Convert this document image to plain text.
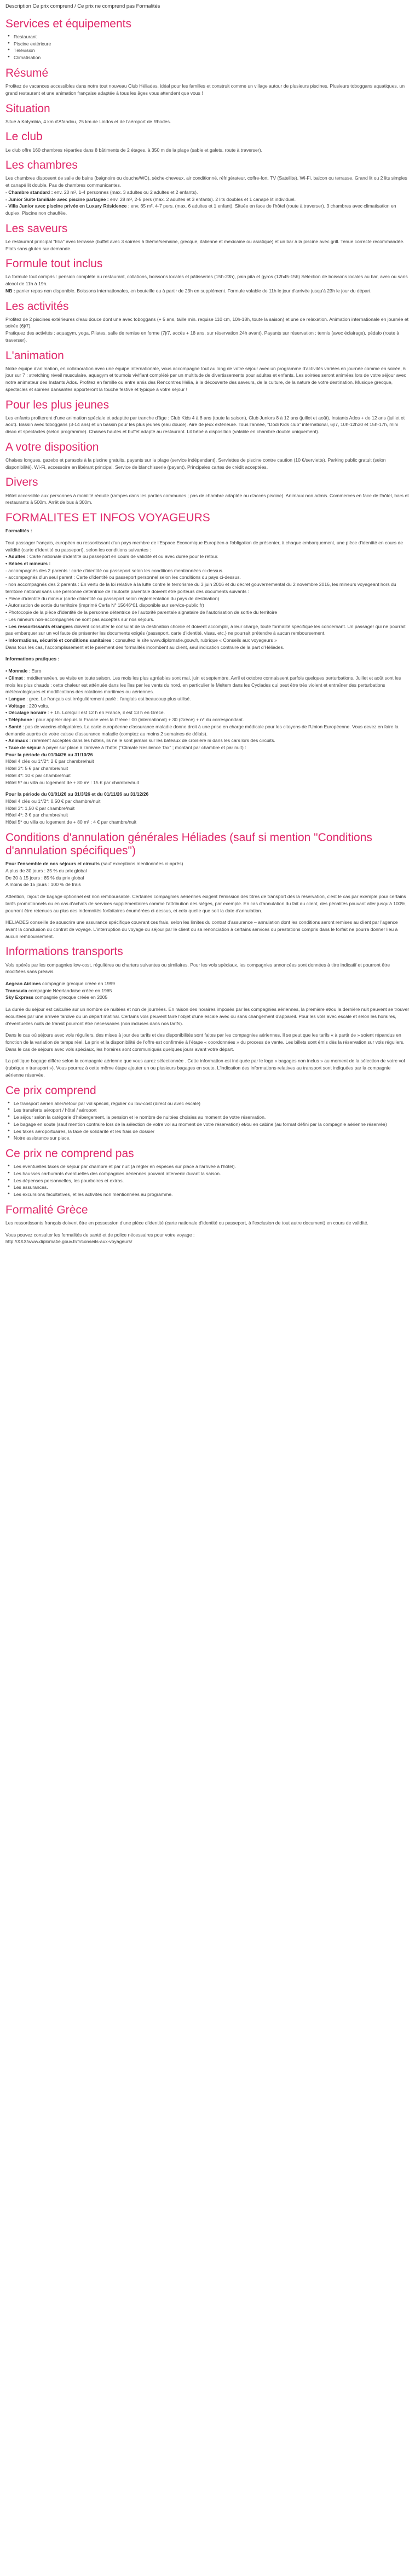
Description Ce prix comprend / Ce prix ne comprend pas Formalités
Services et équipements
● Restaurant
● Piscine extérieure
● Télévision
● Climatisation
Résumé

Profitez de vacances accessibles dans notre tout nouveau Club Héliades, idéal pour les familles et construit comme un village autour de plusieurs piscines. Plusieurs toboggans aquatiques, un grand restaurant et une animation française adaptée à tous les âges vous attendent que vous !

Situation

Situé à Kolymbia, 4 km d'Afandou, 25 km de Lindos et de l'aéroport de Rhodes.

Le club

Le club offre 160 chambres réparties dans 8 bâtiments de 2 étages, à 350 m de la plage (sable et galets, route à traverser).

Les chambres

Les chambres disposent de salle de bains (baignoire ou douche/WC), sèche-cheveux, air conditionné, réfrigérateur, coffre-fort, TV (Satellite), Wi-Fi, balcon ou terrasse. Grand lit ou 2 lits simples et canapé lit double. Pas de chambres communicantes.

- Chambre standard : env. 20 m², 1-4 personnes (max. 3 adultes ou 2 adultes et 2 enfants).

- Junior Suite familiale avec piscine partagée : env. 28 m², 2-5 pers (max. 2 adultes et 3 enfants). 2 lits doubles et 1 canapé lit individuel.

- Villa Junior avec piscine privée en Luxury Résidence : env. 65 m², 4-7 pers. (max. 6 adultes et 1 enfant). Située en face de l'hôtel (route à traverser). 3 chambres avec climatisation en duplex. Piscine non chauffée.

Les saveurs

Le restaurant principal "Elia" avec terrasse (buffet avec 3 soirées à thème/semaine, grecque, italienne et mexicaine ou asiatique) et un bar à la piscine avec grill. Tenue correcte recommandée. Plats sans gluten sur demande.

Formule tout inclus

La formule tout compris : pension complète au restaurant, collations, boissons locales et pâtisseries (15h-23h), pain pita et gyros (12h45-15h) Sélection de boissons locales au bar, avec ou sans alcool de 11h à 19h.

NB : panier repas non disponible. Boissons internationales, en bouteille ou à partir de 23h en supplément. Formule valable de 11h le jour d'arrivée jusqu'à 23h le jour du départ.

Les activités

Profitez de 2 piscines extérieures d'eau douce dont une avec toboggans (+ 5 ans, taille min. requise 110 cm, 10h-18h, toute la saison) et une de relaxation. Animation internationale en journée et soirée (6j/7).

Pratiquez des activités : aquagym, yoga, Pilates, salle de remise en forme (7j/7, accès + 18 ans, sur réservation 24h avant). Payants sur réservation : tennis (avec éclairage), pédalo (route à traverser).

L'animation

Notre équipe d'animation, en collaboration avec une équipe internationale, vous accompagne tout au long de votre séjour avec un programme d'activités variées en journée comme en soirée, 6 jour sur 7 : stretching réveil musculaire, aquagym et tournois vivifiant complété par un multitude de divertissements pour adultes et enfants. Les soirées seront animées lors de votre séjour avec notre animateur des Instants Ados. Profitez en famille ou entre amis des Rencontres Hélia, à la découverte des saveurs, de la culture, de la nature de votre destination. Musique grecque, spectacles et soirées dansantes apporteront la touche festive et typique à votre séjour !

Pour les plus jeunes

Les enfants profiteront d'une animation spéciale et adaptée par tranche d'âge : Club Kids 4 à 8 ans (toute la saison), Club Juniors 8 à 12 ans (juillet et août), Instants Ados + de 12 ans (juillet et août). Bassin avec toboggans (3-14 ans) et un bassin pour les plus jeunes (eau douce). Aire de jeux extérieure. Tous l'année, "Dodi Kids club" international, 6j/7, 10h-12h30 et 15h-17h, mini disco et spectacles (selon programme). Chaises hautes et buffet adapté au restaurant. Lit bébé à disposition (valable en chambre double uniquement).

A votre disposition

Chaises longues, gazebo et parasols à la piscine gratuits, payants sur la plage (service indépendant). Serviettes de piscine contre caution (10 €/serviette). Parking public gratuit (selon disponibilité). Wi-Fi, accessoire en libérant principal. Service de blanchisserie (payant). Principales cartes de crédit acceptées.

Divers

Hôtel accessible aux personnes à mobilité réduite (rampes dans les parties communes ; pas de chambre adaptée ou d'accès piscine). Animaux non admis. Commerces en face de l'hôtel, bars et restaurants à 500m. Arrêt de bus à 300m.

FORMALITES ET INFOS VOYAGEURS

Formalités :

Tout passager français, européen ou ressortissant d'un pays membre de l'Espace Economique Européen a l'obligation de présenter, à chaque embarquement, une pièce d'identité en cours de validité (carte d'identité ou passeport), selon les conditions suivantes :

• Adultes : Carte nationale d'identité ou passeport en cours de validité et ou avec durée pour le retour.

• Bébés et mineurs :

- accompagnés des 2 parents : carte d'identité ou passeport selon les conditions mentionnées ci-dessus.

- accompagnés d'un seul parent : Carte d'identité ou passeport personnel selon les conditions du pays ci-dessus.

- non accompagnés des 2 parents : En vertu de la loi relative à la lutte contre le terrorisme du 3 juin 2016 et du décret gouvernemental du 2 novembre 2016, les mineurs voyageant hors du territoire national sans une personne détentrice de l'autorité parentale doivent être porteurs des documents suivants :

• Pièce d'identité du mineur (carte d'identité ou passeport selon réglementation du pays de destination)

• Autorisation de sortie du territoire (imprimé Cerfa N° 15646*01 disponible sur service-public.fr)

• Photocopie de la pièce d'identité de la personne détentrice de l'autorité parentale signataire de l'autorisation de sortie du territoire

- Les mineurs non-accompagnés ne sont pas acceptés sur nos séjours.

• Les ressortissants étrangers doivent consulter le consulat de la destination choisie et doivent accomplir, à leur charge, toute formalité spécifique les concernant. Un passager qui ne pourrait pas embarquer sur un vol faute de présenter les documents exigés (passeport, carte d'identité, visas, etc.) ne pourrait prétendre à aucun remboursement.

• Informations, sécurité et conditions sanitaires : consultez le site www.diplomatie.gouv.fr, rubrique « Conseils aux voyageurs »

Dans tous les cas, l'accomplissement et le paiement des formalités incombent au client, seul indication contraire de la part d'Héliades.

Informations pratiques :

• Monnaie : Euro

• Climat : méditerranéen, se visite en toute saison. Les mois les plus agréables sont mai, juin et septembre. Avril et octobre connaissent parfois quelques perturbations. Juillet et août sont les mois les plus chauds ; cette chaleur est atténuée dans les îles par les vents du nord, en particulier le Meltem dans les Cyclades qui peut être très violent et entraîner des perturbations météorologiques et modifications des rotations maritimes ou aériennes.

• Langue : grec. Le français est irrégulièrement parlé ; l'anglais est beaucoup plus utilisé.

• Voltage : 220 volts.

• Décalage horaire : + 1h. Lorsqu'il est 12 h en France, il est 13 h en Grèce.

• Téléphone : pour appeler depuis la France vers la Grèce : 00 (international) + 30 (Grèce) + n° du correspondant.

• Santé : pas de vaccins obligatoires. La carte européenne d'assurance maladie donne droit à une prise en charge médicale pour les citoyens de l'Union Européenne. Vous devez en faire la demande auprès de votre caisse d'assurance maladie (comptez au moins 2 semaines de délais).

• Animaux : rarement acceptés dans les hôtels, ils ne le sont jamais sur les bateaux de croisière ni dans les cars lors des circuits.

• Taxe de séjour à payer sur place à l'arrivée à l'hôtel ("Climate Resilience Tax" ; montant par chambre et par nuit) :

Pour la période du 01/04/26 au 31/10/26

Hôtel 4 clés ou 1*/2*: 2 € par chambre/nuit

Hôtel 3*: 5 € par chambre/nuit

Hôtel 4*: 10 € par chambre/nuit

Hôtel 5* ou villa ou logement de + 80 m² : 15 € par chambre/nuit

Pour la période du 01/01/26 au 31/3/26 et du 01/11/26 au 31/12/26

Hôtel 4 clés ou 1*/2*: 0,50 € par chambre/nuit

Hôtel 3*: 1,50 € par chambre/nuit

Hôtel 4*: 3 € par chambre/nuit

Hôtel 5* ou villa ou logement de + 80 m² : 4 € par chambre/nuit

Conditions d'annulation générales Héliades (sauf si mention "Conditions d'annulation spécifiques")

Pour l'ensemble de nos séjours et circuits (sauf exceptions mentionnées ci-après)

A plus de 30 jours : 35 % du prix global

De 30 à 15 jours : 85 % du prix global

A moins de 15 jours : 100 % de frais

Attention, l'ajout de bagage optionnel est non remboursable. Certaines compagnies aériennes exigent l'émission des titres de transport dès la réservation, c'est le cas par exemple pour certains tarifs promotionnels ou en cas d'achats de services supplémentaires comme l'attribution des sièges, par exemple. En cas d'annulation du fait du client, des pénalités pouvant aller jusqu'à 100%, pourront être retenues au plus des indemnités forfaitaires énumérées ci-dessus, et cela quelle que soit la date d'annulation.

HELIADES conseille de souscrire une assurance spécifique couvrant ces frais, selon les limites du contrat d'assurance – annulation dont les conditions seront remises au client par l'agence avant la conclusion du contrat de voyage. L'interruption du voyage ou séjour par le client ou sa renonciation à certains services ou prestations compris dans le forfait ne pourra donner lieu à aucun remboursement.

Informations transports

Vols opérés par les compagnies low-cost, régulières ou charters suivantes ou similaires. Pour les vols spéciaux, les compagnies annoncées sont données à titre indicatif et pourront être modifiées sans préavis.

Aegean Airlines compagnie grecque créée en 1999

Transavia compagnie Néerlandaise créée en 1965

Sky Express compagnie grecque créée en 2005

La durée du séjour est calculée sur un nombre de nuitées et non de journées. En raison des horaires imposés par les compagnies aériennes, la première et/ou la dernière nuit peuvent se trouver écourtées par une arrivée tardive ou un départ matinal. Certains vols peuvent faire l'objet d'une escale avec ou sans changement d'appareil. Pour les vols avec escale et selon les horaires, d'éventuelles nuits de transit pourront être nécessaires (non incluses dans nos tarifs).

Dans le cas où séjours avec vols réguliers, des mises à jour des tarifs et des disponibilités sont faites par les compagnies aériennes. Il se peut que les tarifs « à partir de » soient répandus en fonction de la variation de temps réel. Le prix et la disponibilité de l'offre est confirmée à l'étape « coordonnées » du process de vente. Les billets sont émis dès la réservation sur vols réguliers. Dans le cas de séjours avec vols spéciaux, les horaires sont communiqués quelques jours avant votre départ.

La politique bagage diffère selon la compagnie aérienne que vous aurez sélectionnée . Cette information est indiquée par le logo « bagages non inclus » au moment de la sélection de votre vol (rubrique « transport »). Vous pourrez à cette même étape ajouter un ou plusieurs bagages en soute. L'indication des informations relatives au transport sont indiquées par la compagnie aérienne réservée.

Ce prix comprend
● Le transport aérien aller/retour par vol spécial, régulier ou low-cost (direct ou avec escale)
● Les transferts aéroport / hôtel / aéroport
● Le séjour selon la catégorie d'hébergement, la pension et le nombre de nuitées choisies au moment de votre réservation.
● Le bagage en soute (sauf mention contraire lors de la sélection de votre vol au moment de votre réservation) et/ou en cabine (au format défini par la compagnie aérienne réservée)
● Les taxes aéroportuaires, la taxe de solidarité et les frais de dossier
● Notre assistance sur place.
Ce prix ne comprend pas
● Les éventuelles taxes de séjour par chambre et par nuit (à régler en espèces sur place à l'arrivée à l'hôtel).
● Les hausses carburants éventuelles des compagnies aériennes pouvant intervenir durant la saison.
● Les dépenses personnelles, les pourboires et extras.
● Les assurances.
● Les excursions facultatives, et les activités non mentionnées au programme.
Formalité Grèce

Les ressortissants français doivent être en possession d'une pièce d'identité (carte nationale d'identité ou passeport, à l'exclusion de tout autre document) en cours de validité.

Vous pouvez consulter les formalités de santé et de police nécessaires pour votre voyage :

http://XXX/www.diplomatie.gouv.fr/fr/conseils-aux-voyageurs/
